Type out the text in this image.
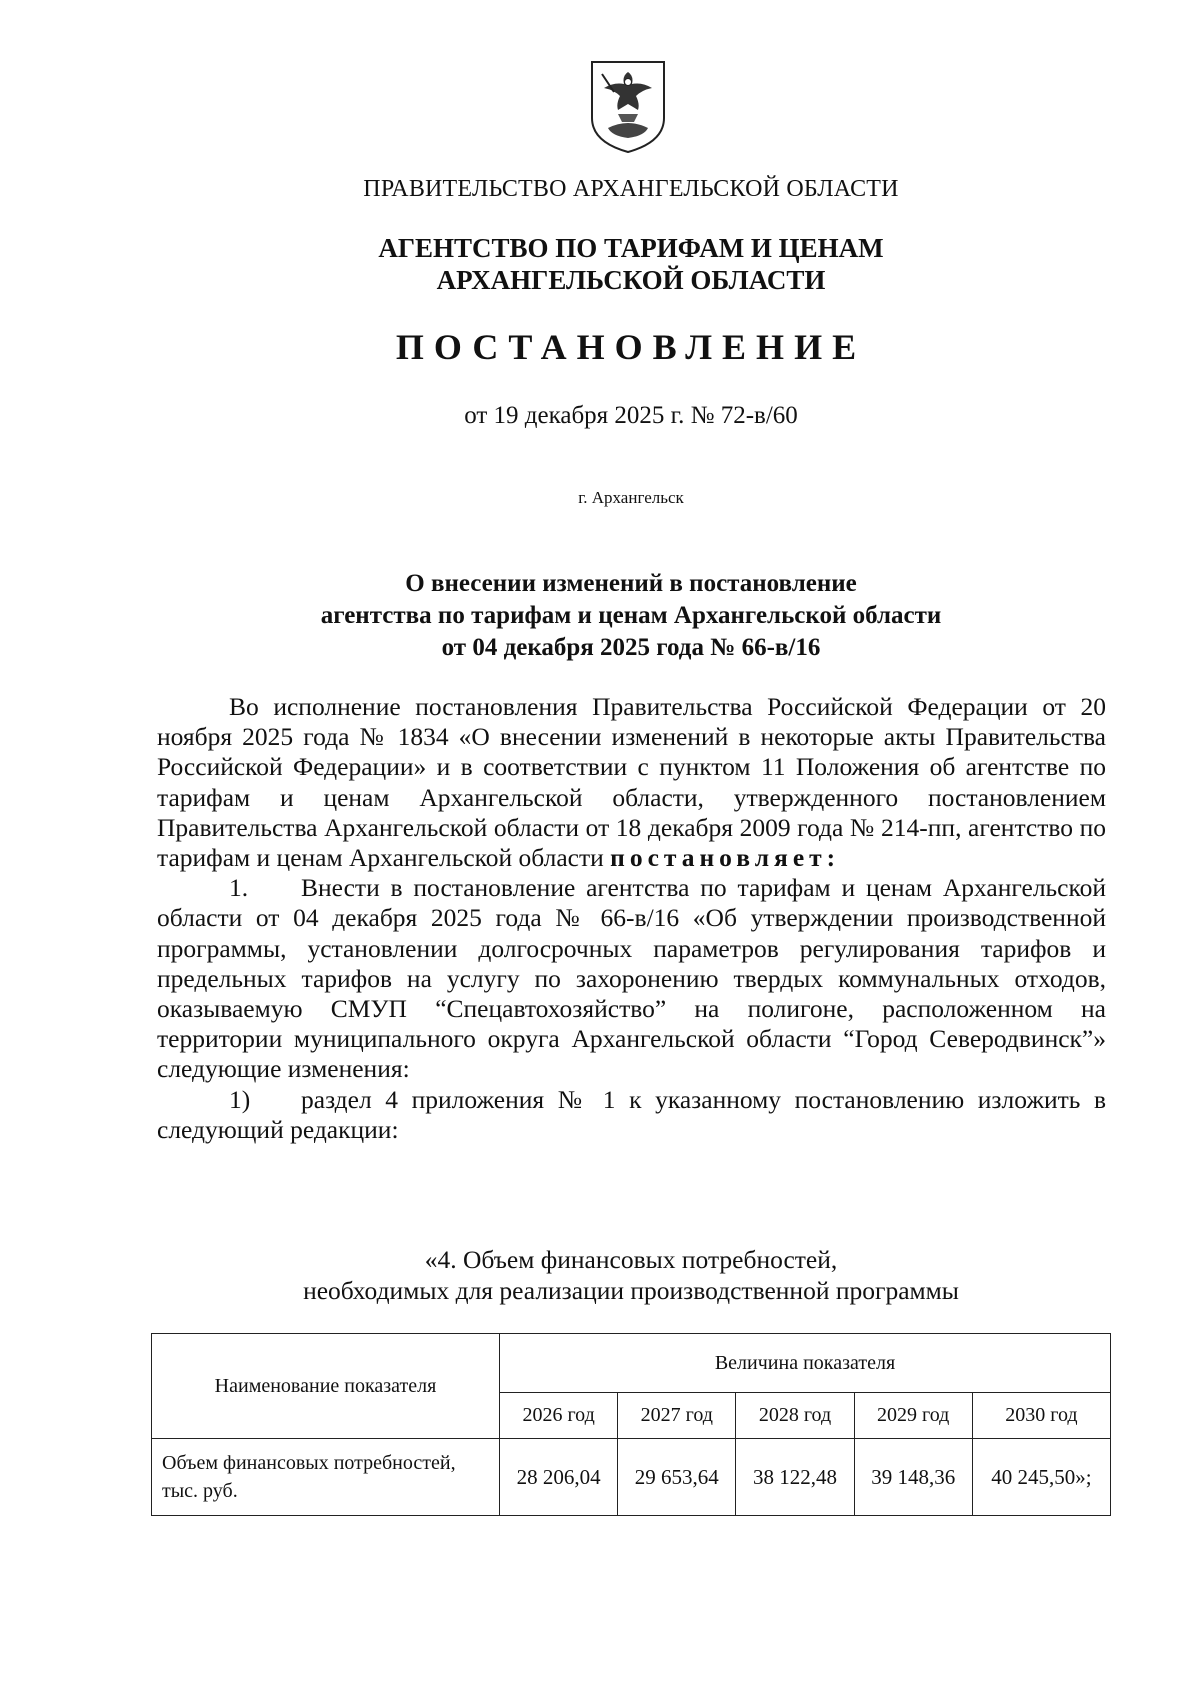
ПРАВИТЕЛЬСТВО АРХАНГЕЛЬСКОЙ ОБЛАСТИ
АГЕНТСТВО ПО ТАРИФАМ И ЦЕНАМ
АРХАНГЕЛЬСКОЙ ОБЛАСТИ
ПОСТАНОВЛЕНИЕ
от 19 декабря 2025 г. № 72-в/60
г. Архангельск
О внесении изменений в постановление
агентства по тарифам и ценам Архангельской области
от 04 декабря 2025 года № 66-в/16

Во исполнение постановления Правительства Российской Федерации от 20 ноября 2025 года № 1834 «О внесении изменений в некоторые акты Правительства Российской Федерации» и в соответствии с пунктом 11 Положения об агентстве по тарифам и ценам Архангельской области, утвержденного постановлением Правительства Архангельской области от 18 декабря 2009 года № 214-пп, агентство по тарифам и ценам Архангельской области постановляет:

1. Внести в постановление агентства по тарифам и ценам Архангельской области от 04 декабря 2025 года № 66-в/16 «Об утверждении производственной программы, установлении долгосрочных параметров регулирования тарифов и предельных тарифов на услугу по захоронению твердых коммунальных отходов, оказываемую СМУП “Спецавтохозяйство” на полигоне, расположенном на территории муниципального округа Архангельской области “Город Северодвинск”» следующие изменения:

1) раздел 4 приложения № 1 к указанному постановлению изложить в следующий редакции:

«4. Объем финансовых потребностей,
необходимых для реализации производственной программы
Наименование показателя	Величина показателя				
	2026 год	2027 год	2028 год	2029 год	2030 год
Объем финансовых потребностей, тыс. руб.	28 206,04	29 653,64	38 122,48	39 148,36	40 245,50»;
